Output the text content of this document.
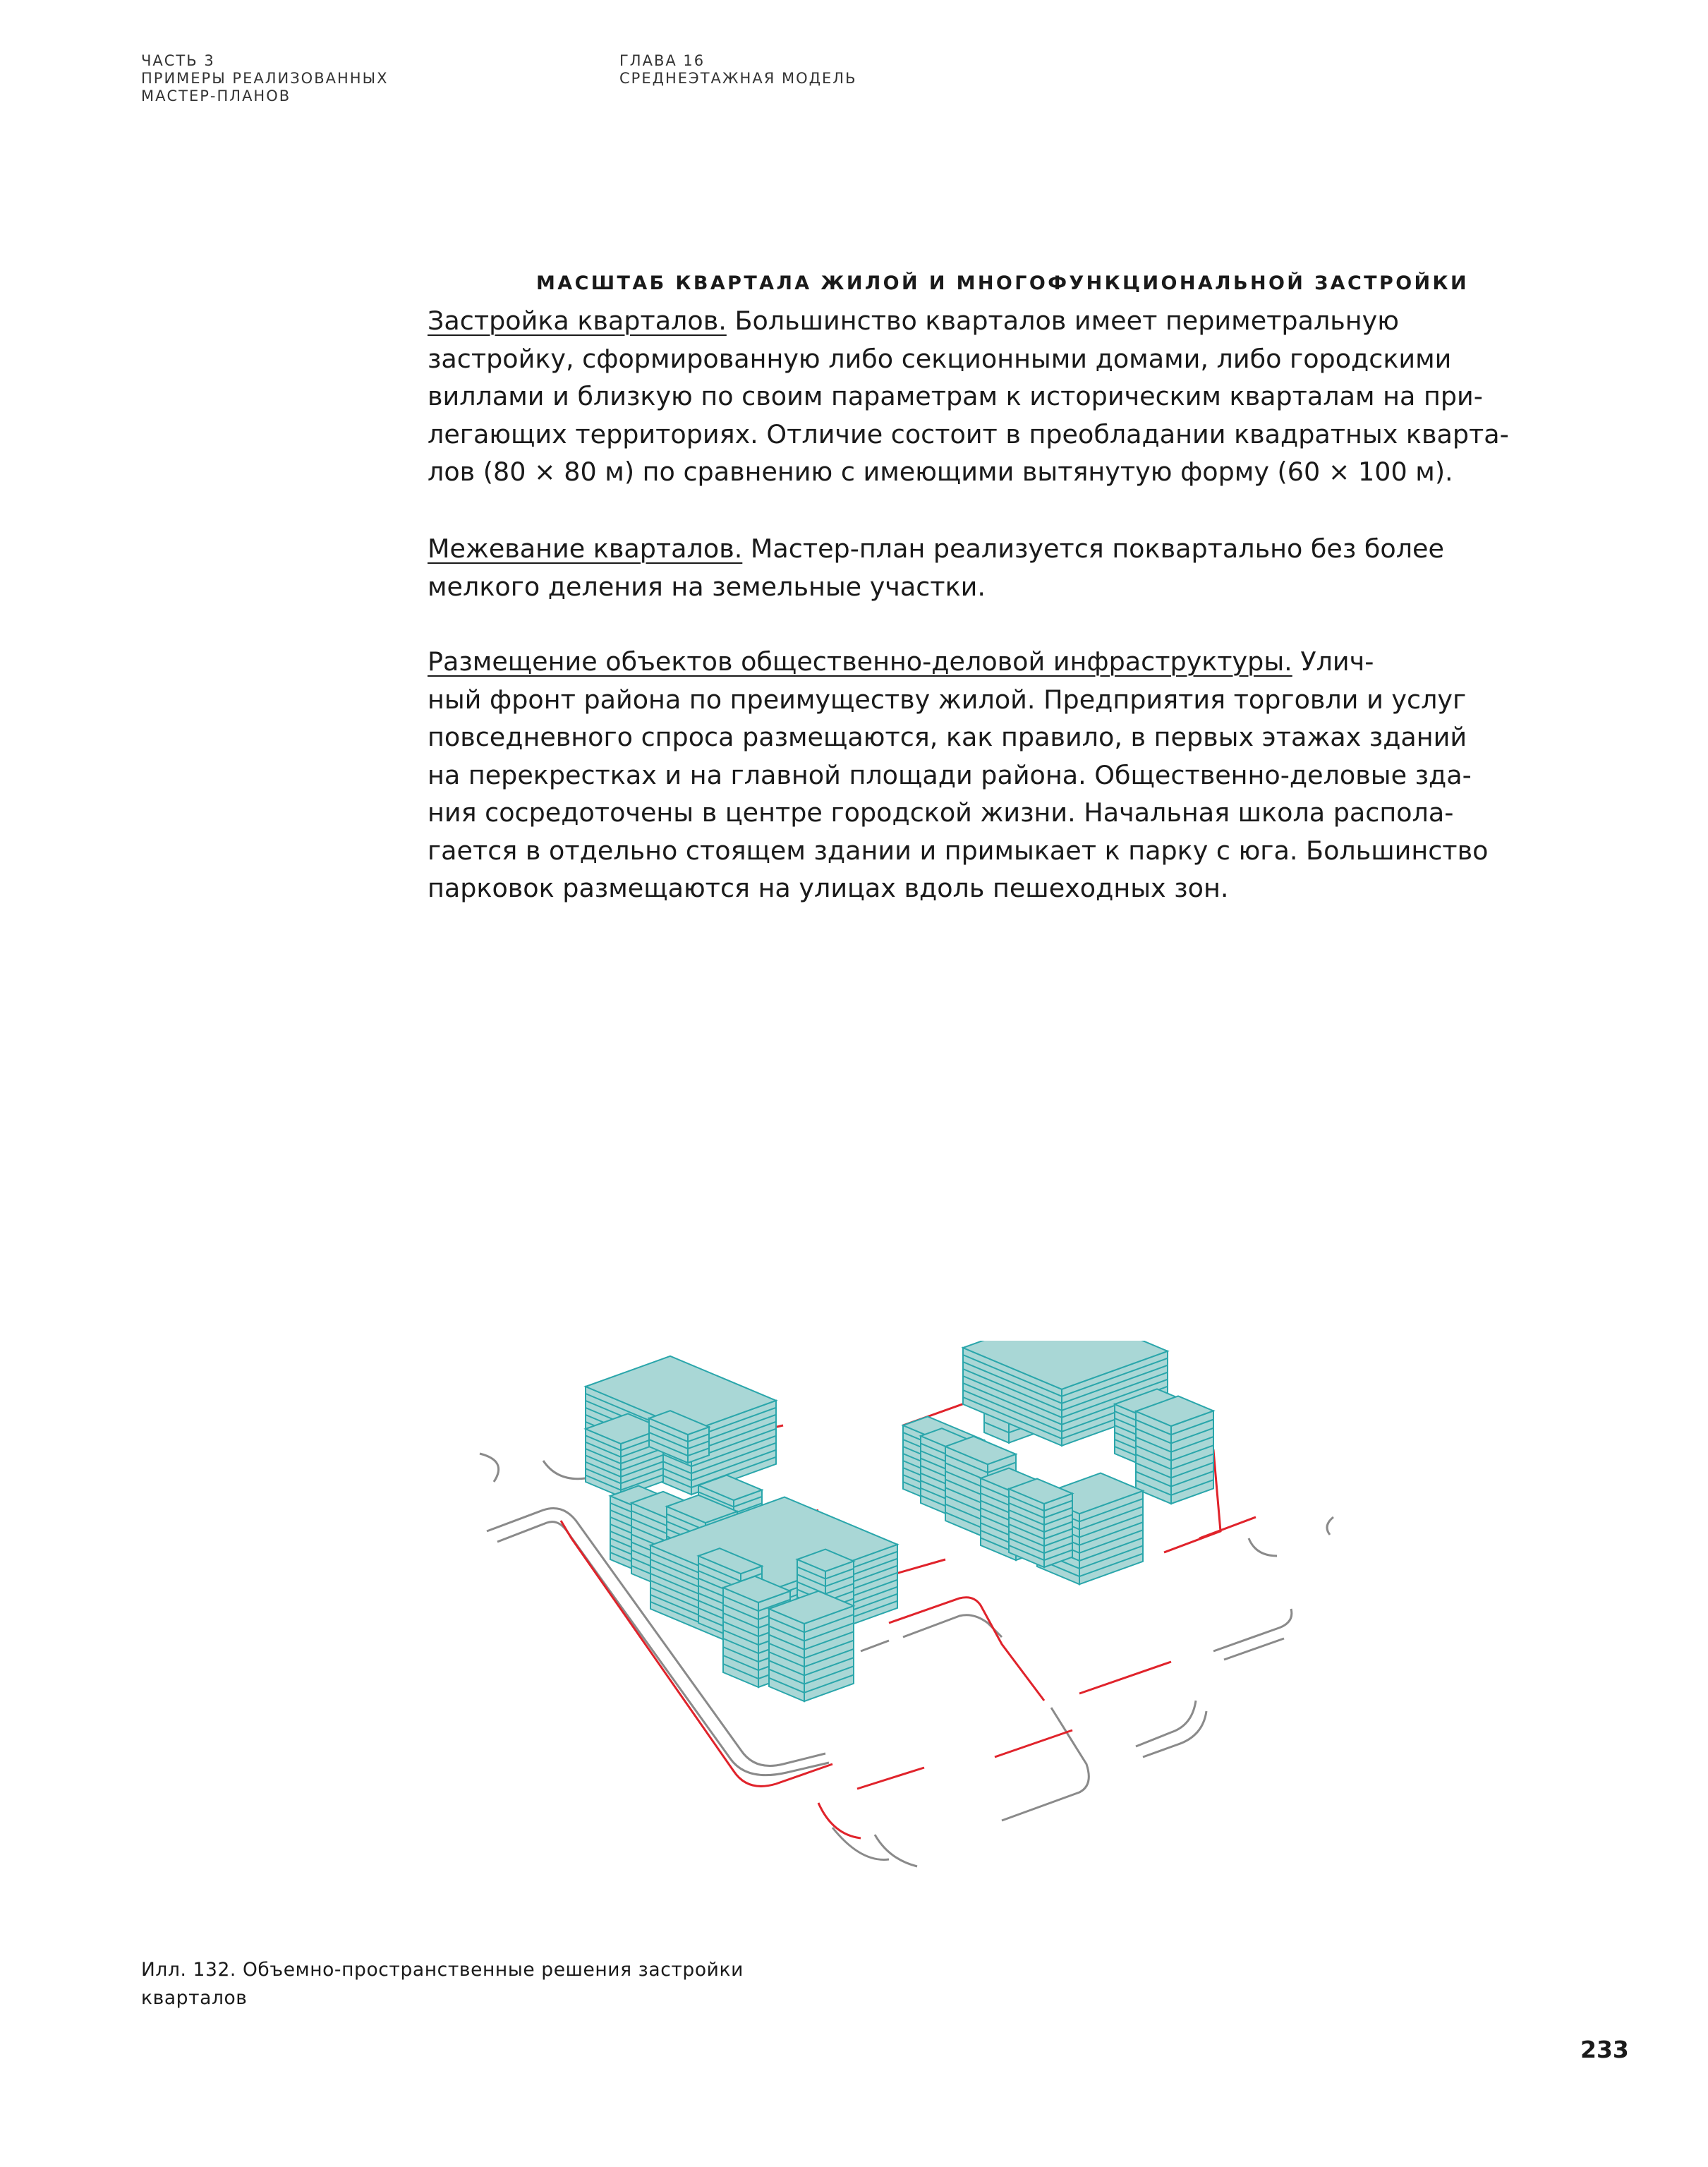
ЧАСТЬ 3
ПРИМЕРЫ РЕАЛИЗОВАННЫХ
МАСТЕР-ПЛАНОВ
ГЛАВА 16
СРЕДНЕЭТАЖНАЯ МОДЕЛЬ
МАСШТАБ КВАРТАЛА ЖИЛОЙ И МНОГОФУНКЦИОНАЛЬНОЙ ЗАСТРОЙКИ
Застройка кварталов. Большинство кварталов имеет периметральную
застройку, сформированную либо секционными домами, либо городскими
виллами и близкую по своим параметрам к историческим кварталам на при-
легающих территориях. Отличие состоит в преобладании квадратных кварта-
лов (80 × 80 м) по сравнению с имеющими вытянутую форму (60 × 100 м).
Межевание кварталов. Мастер-план реализуется поквартально без более
мелкого деления на земельные участки.
Размещение объектов общественно-деловой инфраструктуры. Улич-
ный фронт района по преимуществу жилой. Предприятия торговли и услуг
повседневного спроса размещаются, как правило, в первых этажах зданий
на перекрестках и на главной площади района. Общественно-деловые зда-
ния сосредоточены в центре городской жизни. Начальная школа распола-
гается в отдельно стоящем здании и примыкает к парку с юга. Большинство
парковок размещаются на улицах вдоль пешеходных зон.
Илл. 132. Объемно-пространственные решения застройки
кварталов
233
